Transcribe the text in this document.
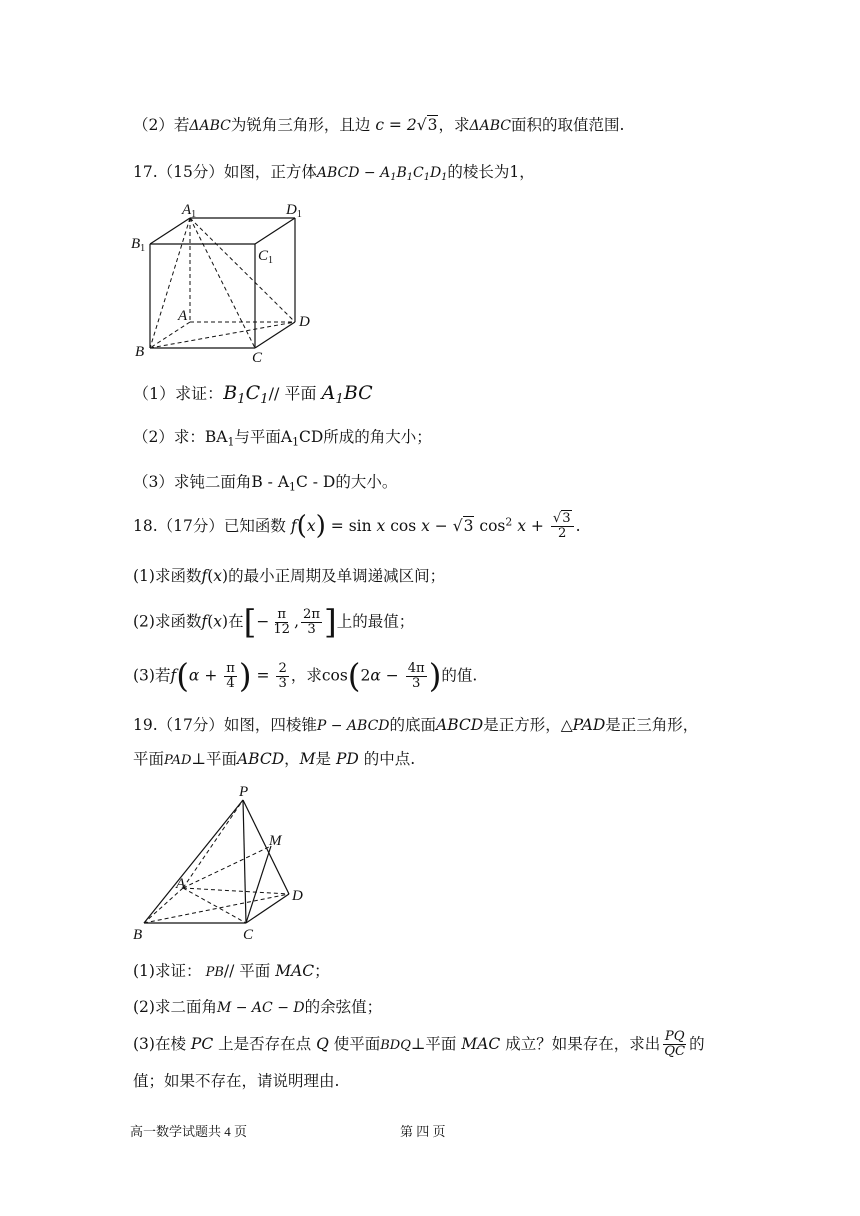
（2）若ΔABC为锐角三角形，且边 c = 2√3，求ΔABC面积的取值范围.
17.（15分）如图，正方体ABCD − $A_1B_1C_1D_1$的棱长为1，
$A_1$	$D_1$
$B_1$	$C_1$
A	D
B	C
（1）求证：$B_1C_1//$ 平面 $A_1BC$
（2）求：$BA_1$与平面$A_1CD$所成的角大小；
（3）求钝二面角B - $A_1C$ - D的大小。
18.（17分）已知函数 f(x) = sin x cos x − √3 $\cos^2 x + \frac{√3}{2}$ .
(1)求函数f(x)的最小正周期及单调递减区间；
(2)求函数f(x)在[− $\frac{\pi}{12}$ , $\frac{2\pi}{3}$ ]上的最值；
(3)若$f(\alpha + \frac{\pi}{4}$ ) = $\frac{2}{3}$ ，求$\cos(2\alpha - \frac{4\pi}{3}$ )的值.
19.（17分）如图，四棱锥P − ABCD的底面ABCD是正方形，△PAD是正三角形，
平面PAD⊥平面ABCD，M是 PD 的中点.
P
M
A
D
B	C
(1)求证： PB// 平面 MAC；
(2)求二面角M − AC − D的余弦值；
(3)在棱 PC 上是否存在点 Q 使平面BDQ⊥平面 MAC 成立？如果存在，求出 $\frac{PQ}{QC}$ 的
值；如果不存在，请说明理由.
高一数学试题共 4 页	第 四 页
